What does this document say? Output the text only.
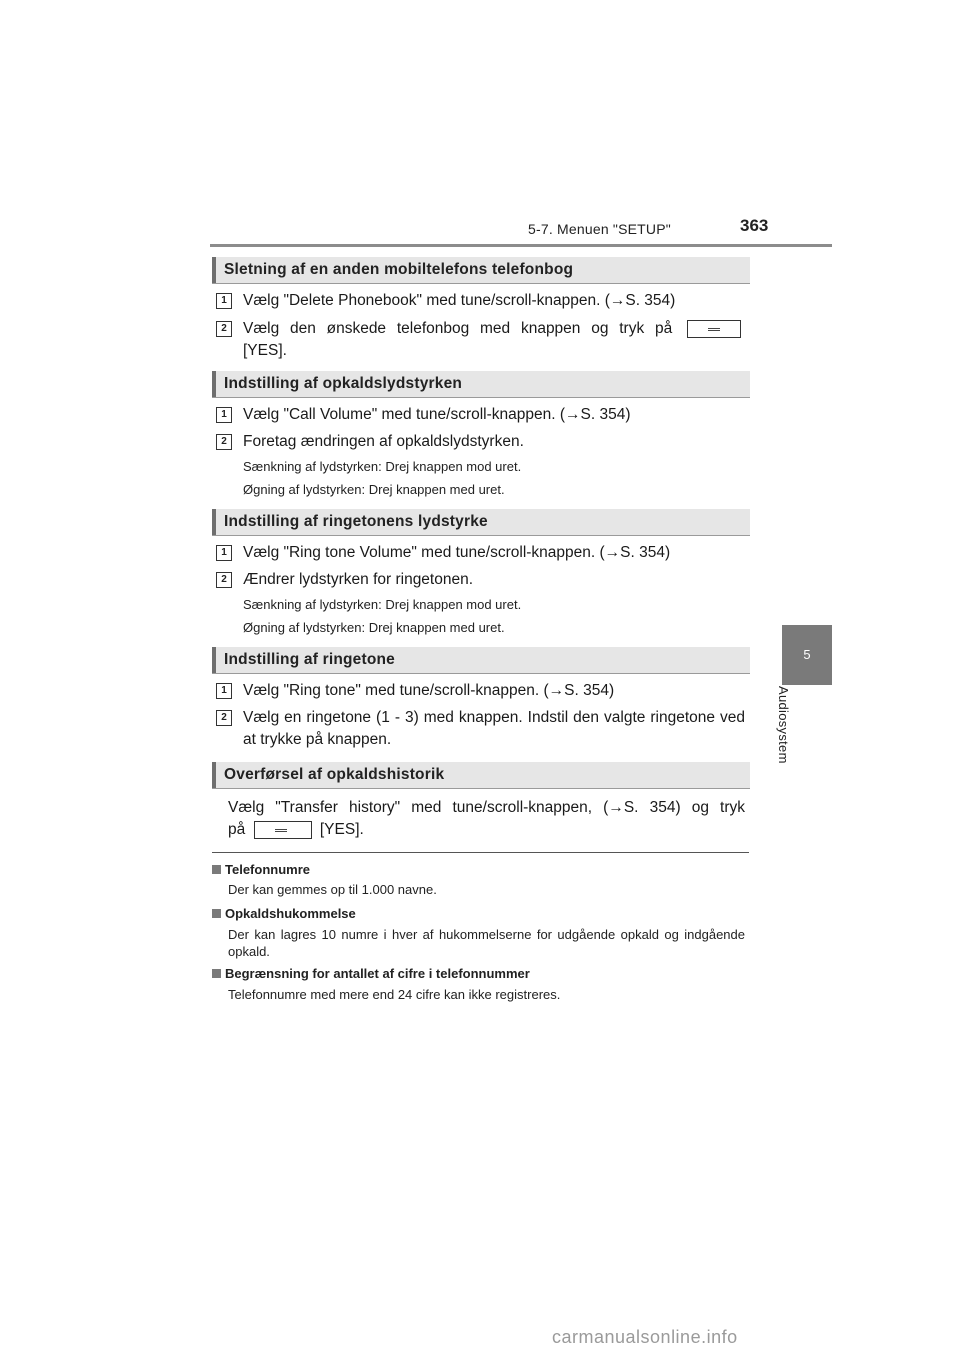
5-7. Menuen "SETUP"	363
5
Audiosystem
Sletning af en anden mobiltelefons telefonbog
1	Vælg "Delete Phonebook" med tune/scroll-knappen. (→S. 354)
2	Vælg den ønskede telefonbog med knappen og tryk på
[YES].
Indstilling af opkaldslydstyrken
1	Vælg "Call Volume" med tune/scroll-knappen. (→S. 354)
2	Foretag ændringen af opkaldslydstyrken.
Sænkning af lydstyrken: Drej knappen mod uret.
Øgning af lydstyrken: Drej knappen med uret.
Indstilling af ringetonens lydstyrke
1	Vælg "Ring tone Volume" med tune/scroll-knappen. (→S. 354)
2	Ændrer lydstyrken for ringetonen.
Sænkning af lydstyrken: Drej knappen mod uret.
Øgning af lydstyrken: Drej knappen med uret.
Indstilling af ringetone
1	Vælg "Ring tone" med tune/scroll-knappen. (→S. 354)
2	Vælg en ringetone (1 - 3) med knappen. Indstil den valgte ringetone ved at trykke på knappen.
Overførsel af opkaldshistorik
Vælg "Transfer history" med tune/scroll-knappen, (→S. 354) og tryk
på	[YES].
Telefonnumre
Der kan gemmes op til 1.000 navne.
Opkaldshukommelse
Der kan lagres 10 numre i hver af hukommelserne for udgående opkald og indgående opkald.
Begrænsning for antallet af cifre i telefonnummer
Telefonnumre med mere end 24 cifre kan ikke registreres.
carmanualsonline.info
